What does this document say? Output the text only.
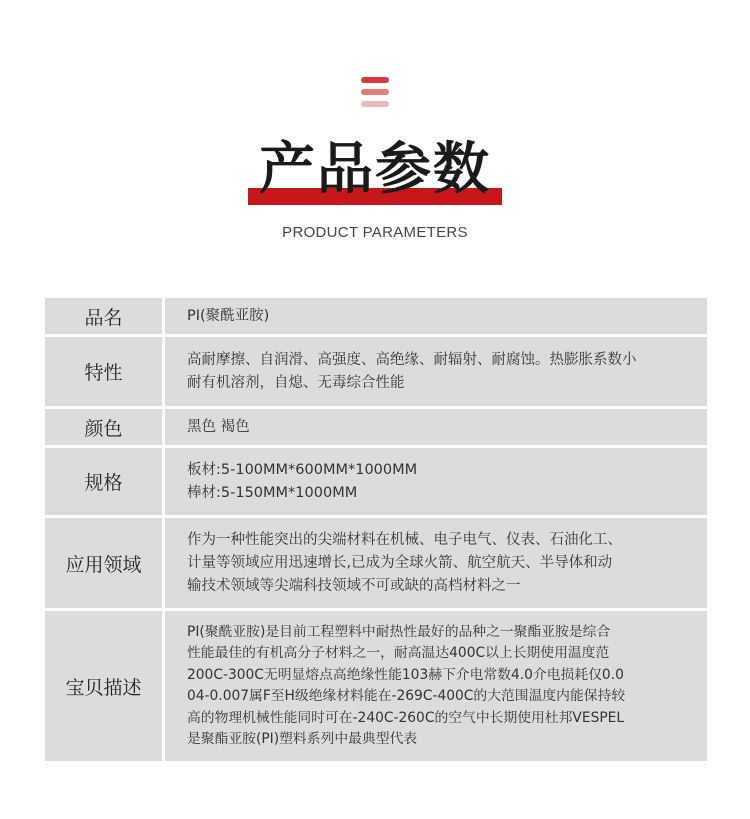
产品参数
PRODUCT PARAMETERS
品名	PI(聚酰亚胺)
特性
高耐摩擦、自润滑、高强度、高绝缘、耐辐射、耐腐蚀。热膨胀系数小
耐有机溶剂，自熄、无毒综合性能
颜色	黑色 褐色
规格
板材:5-100MM*600MM*1000MM
棒材:5-150MM*1000MM
应用领域
作为一种性能突出的尖端材料在机械、电子电气、仪表、石油化工、
计量等领域应用迅速增长,已成为全球火箭、航空航天、半导体和动
输技术领域等尖端科技领域不可或缺的高档材料之一
宝贝描述
PI(聚酰亚胺)是目前工程塑料中耐热性最好的品种之一聚酯亚胺是综合
性能最佳的有机高分子材料之一，耐高温达400C以上长期使用温度范
200C-300C无明显熔点高绝缘性能103赫下介电常数4.0介电损耗仅0.0
04-0.007属F至H级绝缘材料能在-269C-400C的大范围温度内能保持较
高的物理机械性能同时可在-240C-260C的空气中长期使用杜邦VESPEL
是聚酯亚胺(PI)塑料系列中最典型代表
